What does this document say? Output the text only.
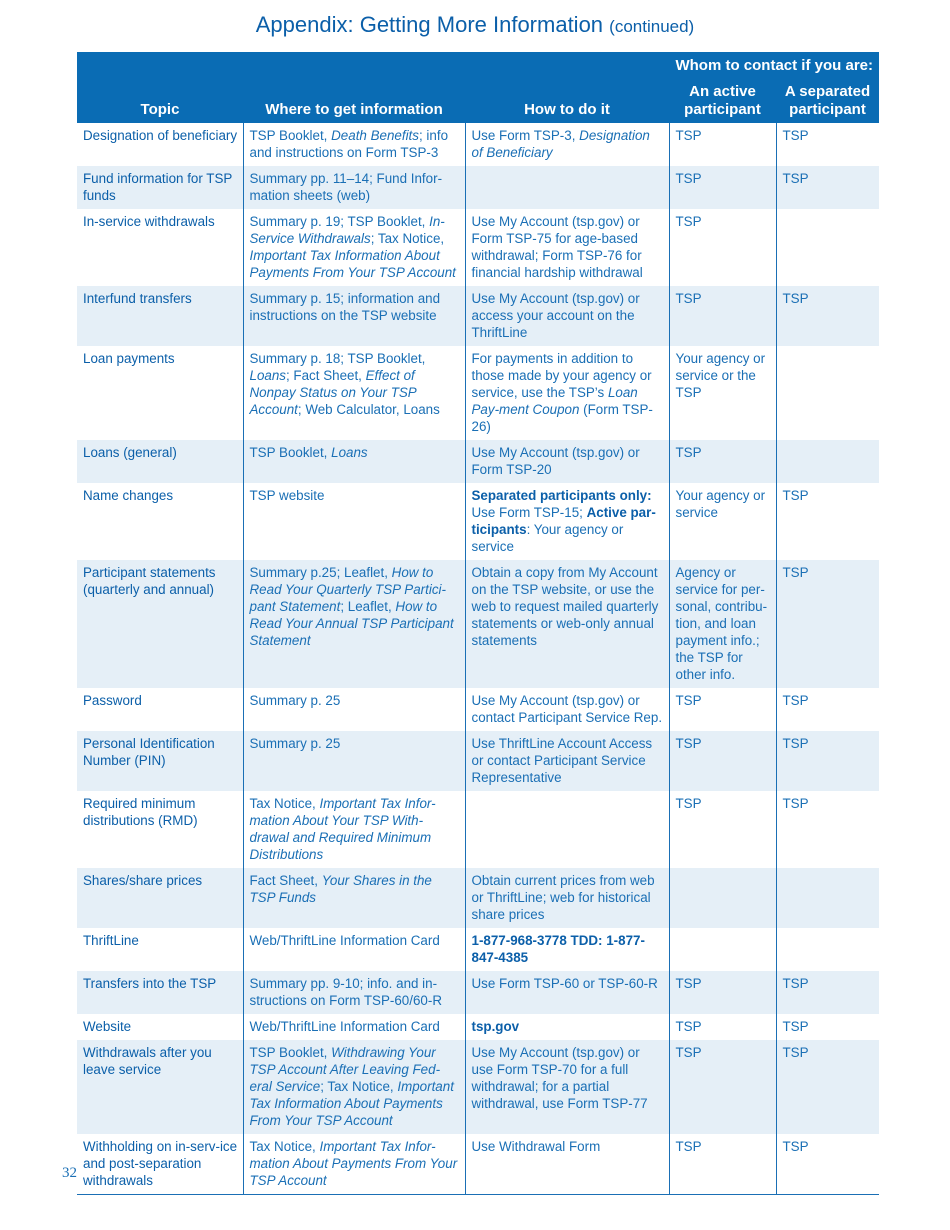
Appendix: Getting More Information (continued)
Whom to contact if you are:				
Topic	Where to get information	How to do it	An active participant	A separated participant
Designation of beneficiary	TSP Booklet, Death Benefits; info and instructions on Form TSP-3	Use Form TSP-3, Designation of Beneficiary	TSP	TSP
Fund information for TSP funds	Summary pp. 11–14; Fund Infor-mation sheets (web)		TSP	TSP
In-service withdrawals	Summary p. 19; TSP Booklet, In-Service Withdrawals; Tax Notice, Important Tax Information About Payments From Your TSP Account	Use My Account (tsp.gov) or Form TSP-75 for age-based withdrawal; Form TSP-76 for financial hardship withdrawal	TSP	
Interfund transfers	Summary p. 15; information and instructions on the TSP website	Use My Account (tsp.gov) or access your account on the ThriftLine	TSP	TSP
Loan payments	Summary p. 18; TSP Booklet, Loans; Fact Sheet, Effect of Nonpay Status on Your TSP Account; Web Calculator, Loans	For payments in addition to those made by your agency or service, use the TSP’s Loan Pay-ment Coupon (Form TSP-26)	Your agency or service or the TSP	
Loans (general)	TSP Booklet, Loans	Use My Account (tsp.gov) or Form TSP-20	TSP	
Name changes	TSP website	Separated participants only: Use Form TSP-15; Active par-ticipants: Your agency or service	Your agency or service	TSP
Participant statements (quarterly and annual)	Summary p.25; Leaflet, How to Read Your Quarterly TSP Partici-pant Statement; Leaflet, How to Read Your Annual TSP Participant Statement	Obtain a copy from My Account on the TSP website, or use the web to request mailed quarterly statements or web-only annual statements	Agency or service for per-sonal, contribu-tion, and loan payment info.; the TSP for other info.	TSP
Password	Summary p. 25	Use My Account (tsp.gov) or contact Participant Service Rep.	TSP	TSP
Personal Identification Number (PIN)	Summary p. 25	Use ThriftLine Account Access or contact Participant Service Representative	TSP	TSP
Required minimum distributions (RMD)	Tax Notice, Important Tax Infor-mation About Your TSP With-drawal and Required Minimum Distributions		TSP	TSP
Shares/share prices	Fact Sheet, Your Shares in the TSP Funds	Obtain current prices from web or ThriftLine; web for historical share prices		
ThriftLine	Web/ThriftLine Information Card	1-877-968-3778 TDD: 1-877-847-4385		
Transfers into the TSP	Summary pp. 9-10; info. and in-structions on Form TSP-60/60-R	Use Form TSP-60 or TSP-60-R	TSP	TSP
Website	Web/ThriftLine Information Card	tsp.gov	TSP	TSP
Withdrawals after you leave service	TSP Booklet, Withdrawing Your TSP Account After Leaving Fed-eral Service; Tax Notice, Important Tax Information About Payments From Your TSP Account	Use My Account (tsp.gov) or use Form TSP-70 for a full withdrawal; for a partial withdrawal, use Form TSP-77	TSP	TSP
Withholding on in-serv-ice and post-separation withdrawals	Tax Notice, Important Tax Infor-mation About Payments From Your TSP Account	Use Withdrawal Form	TSP	TSP
32
